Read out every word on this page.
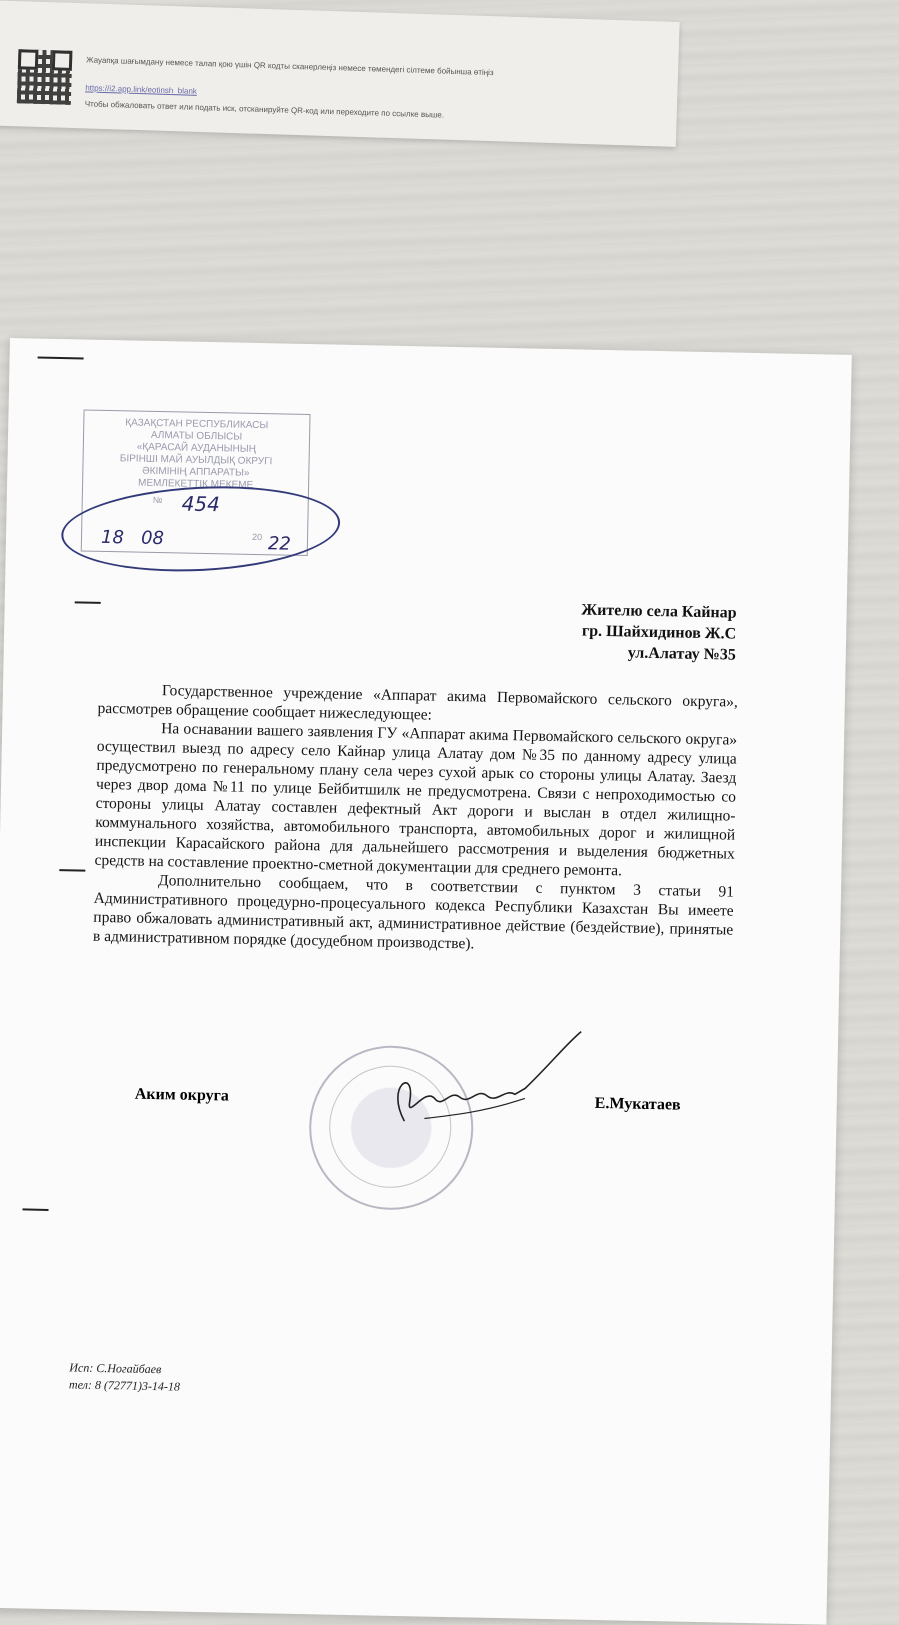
Жауапқа шағымдану немесе талап қою үшін QR кодты сканерлеңіз немесе төмендегі сілтеме бойынша өтіңіз
https://i2.app.link/eotinsh_blank
Чтобы обжаловать ответ или подать иск, отсканируйте QR-код или переходите по ссылке выше.
ҚАЗАҚСТАН РЕСПУБЛИКАСЫ
АЛМАТЫ ОБЛЫСЫ
«ҚАРАСАЙ АУДАНЫНЫҢ
БІРІНШІ МАЙ АУЫЛДЫҚ ОКРУГІ
ӘКІМІНІҢ АППАРАТЫ»
МЕМЛЕКЕТТІК МЕКЕМЕ
№
20
454
18   08	22
Жителю села Кайнар
гр. Шайхидинов Ж.С
ул.Алатау №35

Государственное учреждение «Аппарат акима Первомайского сельского округа», рассмотрев обращение сообщает нижеследующее:

На оснавании вашего заявления ГУ «Аппарат акима Первомайского сельского округа» осуществил выезд по адресу село Кайнар улица Алатау дом №35 по данному адресу улица предусмотрено по генеральному плану села через сухой арык со стороны улицы Алатау. Заезд через двор дома №11 по улице Бейбитшилк не предусмотрена. Связи с непроходимостью со стороны улицы Алатау составлен дефектный Акт дороги и выслан в отдел жилищно-коммунального хозяйства, автомобильного транспорта, автомобильных дорог и жилищной инспекции Карасайского района для дальнейшего рассмотрения и выделения бюджетных средств на составление проектно-сметной документации для среднего ремонта.

Дополнительно сообщаем, что в соответствии с пунктом 3 статьи 91 Административного процедурно-процесуального кодекса Республики Казахстан Вы имеете право обжаловать административный акт, административное действие (бездействие), принятые в административном порядке (досудебном производстве).

Аким округа	Е.Мукатаев
Исп: С.Ногайбаев
тел: 8 (72771)3-14-18
